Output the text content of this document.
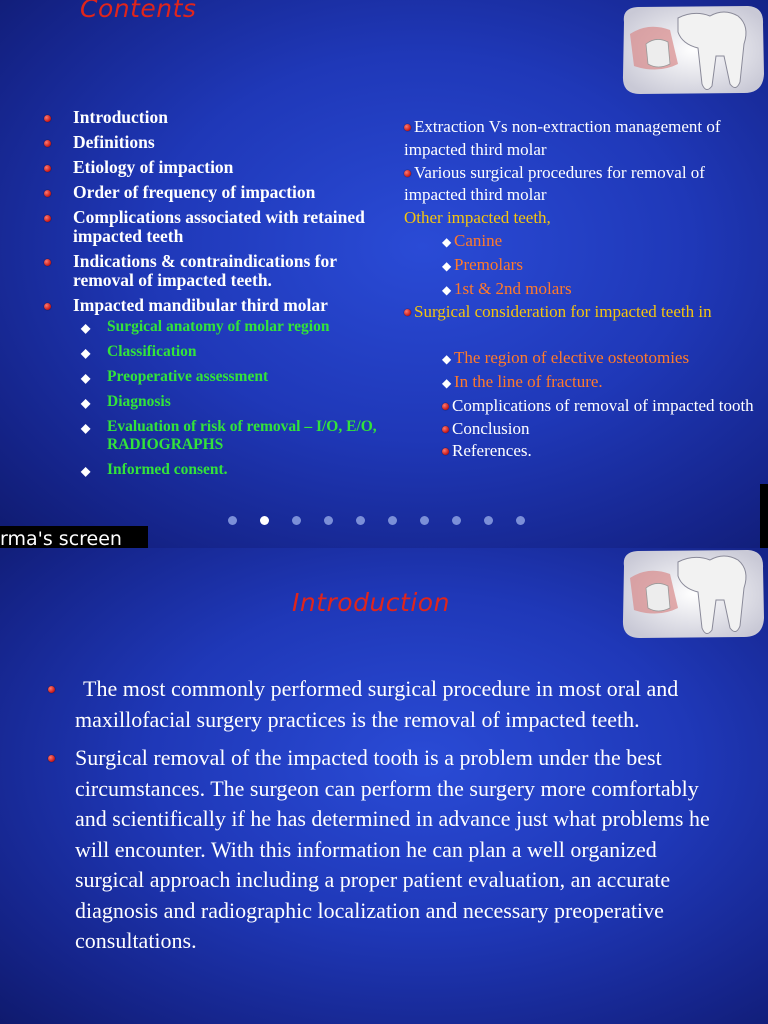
Contents
Introduction
Definitions
Etiology of impaction
Order of frequency of impaction
Complications associated with retained impacted teeth
Indications & contraindications for removal of impacted teeth.
Impacted mandibular third molar
◆ Surgical anatomy of molar region
◆ Classification
◆ Preoperative assessment
◆ Diagnosis
◆ Evaluation of risk of removal – I/O, E/O, RADIOGRAPHS
◆ Informed consent.

Extraction Vs non-extraction management of impacted third molar

Various surgical procedures for removal of impacted third molar

Other impacted teeth,

◆ Canine

◆ Premolars

◆ 1st & 2nd molars

Surgical consideration for impacted teeth in

◆ The region of elective osteotomies

◆ In the line of fracture.

Complications of removal of impacted tooth

Conclusion

References.

rma's screen
Introduction
The most commonly performed surgical procedure in most oral and maxillofacial surgery practices is the removal of impacted teeth.
Surgical removal of the impacted tooth is a problem under the best circumstances. The surgeon can perform the surgery more comfortably and scientifically if he has determined in advance just what problems he will encounter. With this information he can plan a well organized surgical approach including a proper patient evaluation, an accurate diagnosis and radiographic localization and necessary preoperative consultations.
